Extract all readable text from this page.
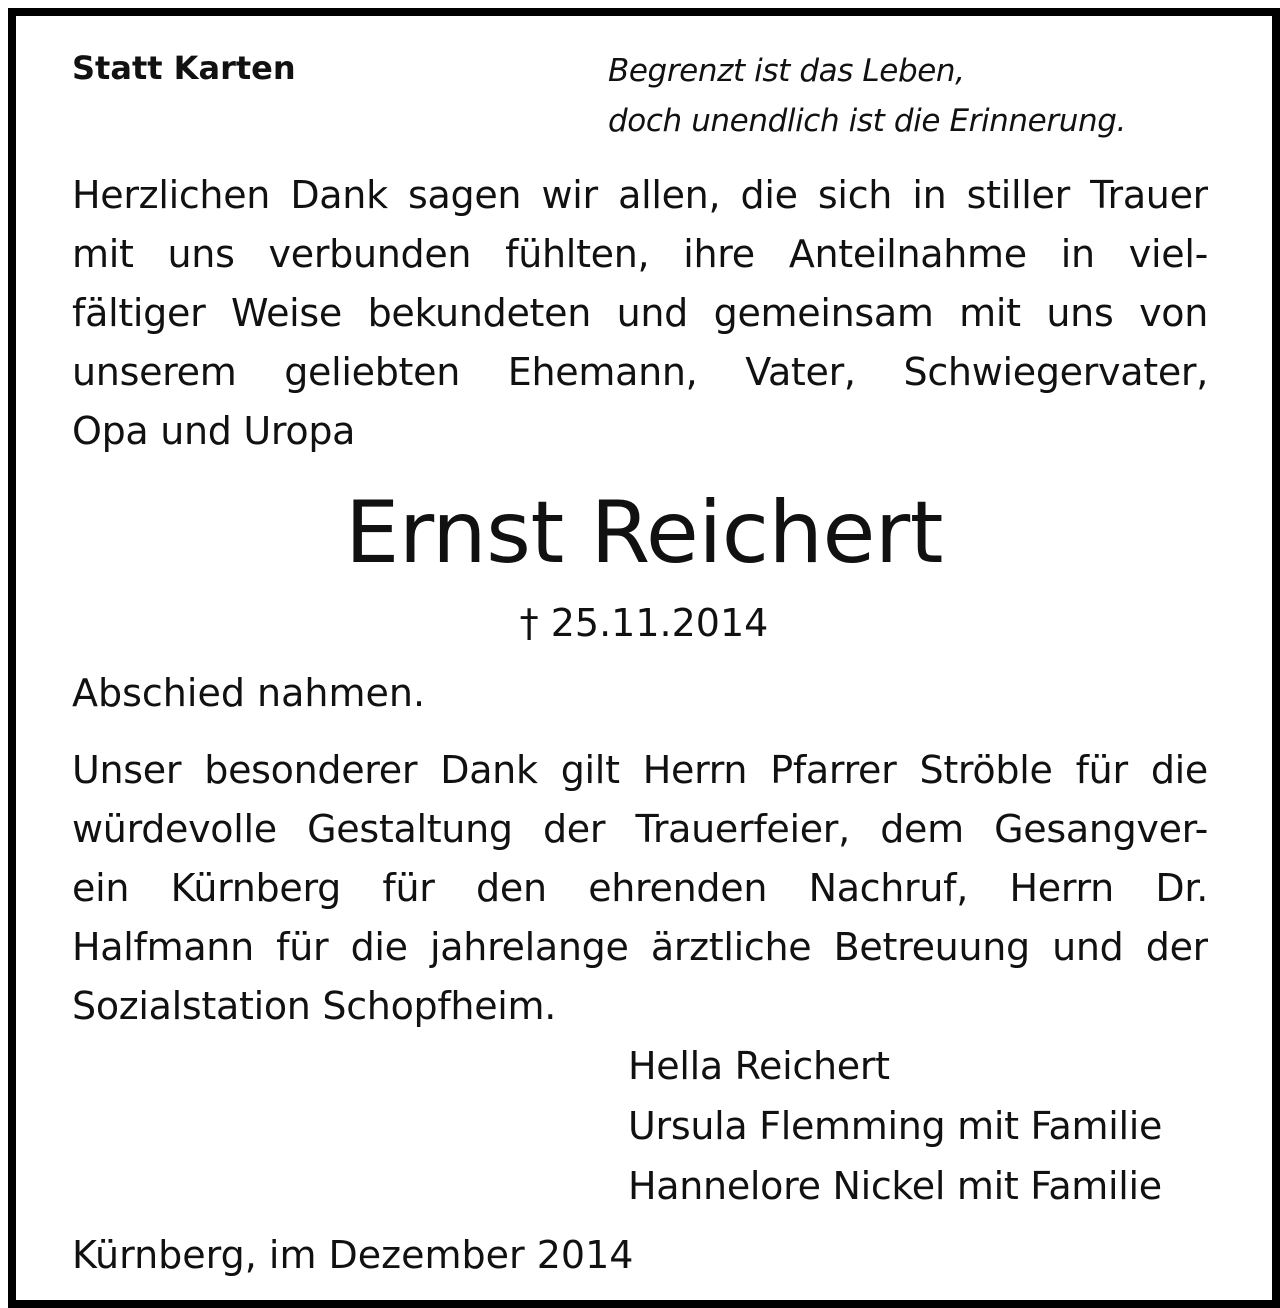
Statt Karten	Begrenzt ist das Leben,
doch unendlich ist die Erinnerung.
Herzlichen Dank sagen wir allen, die sich in stiller Trauer
mit uns verbunden fühlten, ihre Anteilnahme in viel-
fältiger Weise bekundeten und gemeinsam mit uns von
unserem geliebten Ehemann, Vater, Schwiegervater,
Opa und Uropa
Ernst Reichert
† 25.11.2014
Abschied nahmen.
Unser besonderer Dank gilt Herrn Pfarrer Ströble für die
würdevolle Gestaltung der Trauerfeier, dem Gesangver-
ein Kürnberg für den ehrenden Nachruf, Herrn Dr.
Halfmann für die jahrelange ärztliche Betreuung und der
Sozialstation Schopfheim.
Hella Reichert
Ursula Flemming mit Familie
Hannelore Nickel mit Familie
Kürnberg, im Dezember 2014
